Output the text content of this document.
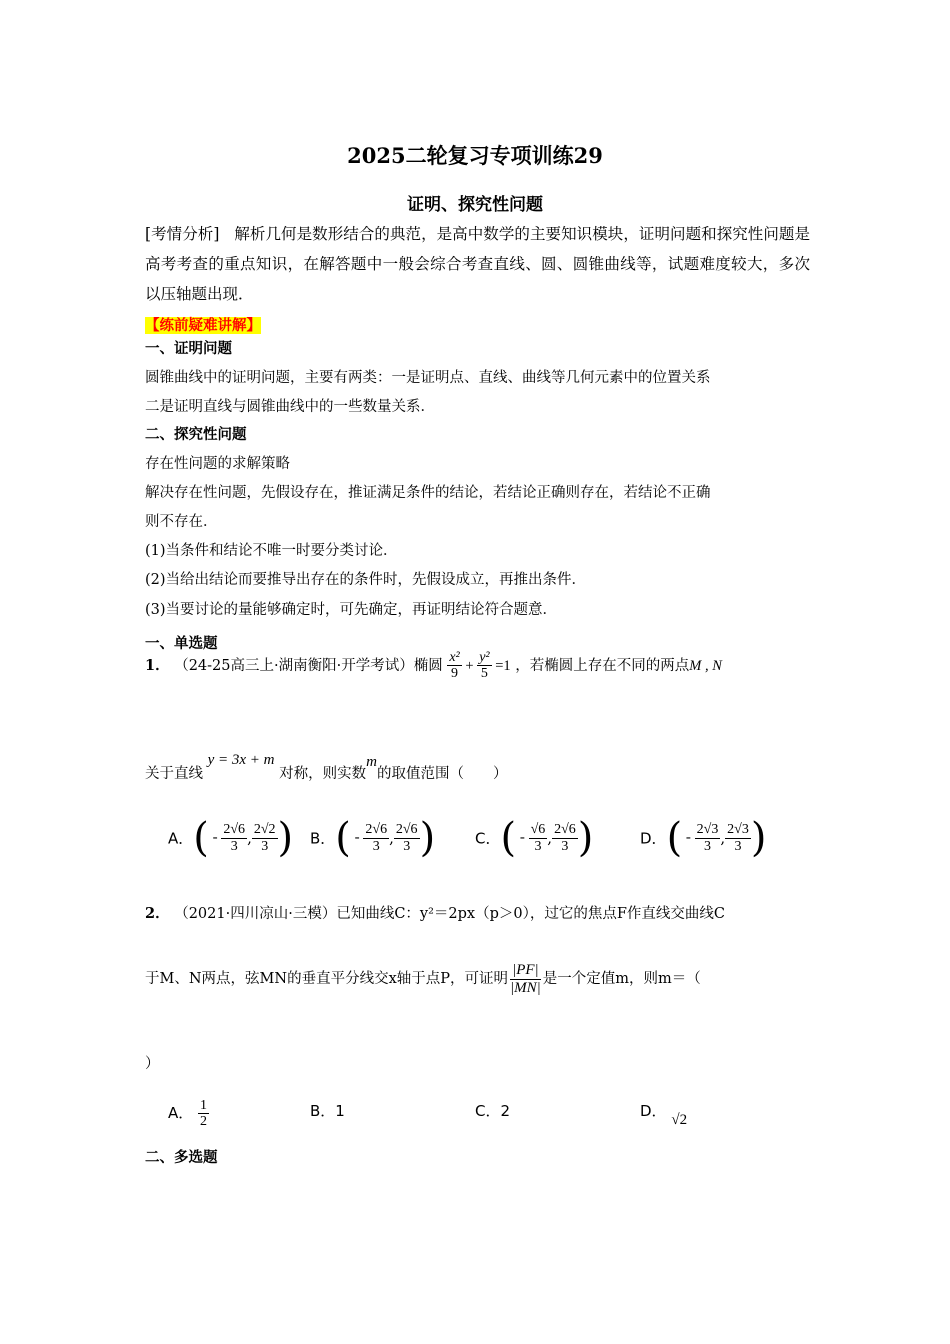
2025二轮复习专项训练29
证明、探究性问题
[考情分析] 解析几何是数形结合的典范，是高中数学的主要知识模块，证明问题和探究性问题是高考考查的重点知识，在解答题中一般会综合考查直线、圆、圆锥曲线等，试题难度较大，多次以压轴题出现．
【练前疑难讲解】
一、证明问题
圆锥曲线中的证明问题，主要有两类：一是证明点、直线、曲线等几何元素中的位置关系
二是证明直线与圆锥曲线中的一些数量关系．
二、探究性问题
存在性问题的求解策略
解决存在性问题，先假设存在，推证满足条件的结论，若结论正确则存在，若结论不正确
则不存在．
(1)当条件和结论不唯一时要分类讨论．
(2)当给出结论而要推导出存在的条件时，先假设成立，再推出条件．
(3)当要讨论的量能够确定时，可先确定，再证明结论符合题意．
一、单选题
1． （24-25高三上·湖南衡阳·开学考试）椭圆 $\frac{\text{x²}}{9} + \frac{\text{y²}}{5} =1$ ，若椭圆上存在不同的两点M , N
关于直线 y = 3x + m 对称，则实数m的取值范围（　　）
A．( - $\frac{2√6}{3}$ , $\frac{2√2}{3}$ ) B．( - $\frac{2√6}{3}$ , $\frac{2√6}{3}$ )	C．( - $\frac{√6}{3}$ , $\frac{2√6}{3}$ )	D．( - $\frac{2√3}{3}$ , $\frac{2√3}{3}$ )
2． （2021·四川凉山·三模）已知曲线C：y²＝2px（p＞0），过它的焦点F作直线交曲线C
于M、N两点，弦MN的垂直平分线交x轴于点P，可证明 $\frac{|PF|}{|MN|}$ 是一个定值m，则m＝（
）
A． $\frac{1}{2}$	B．1	C．2	D． √2
二、多选题
